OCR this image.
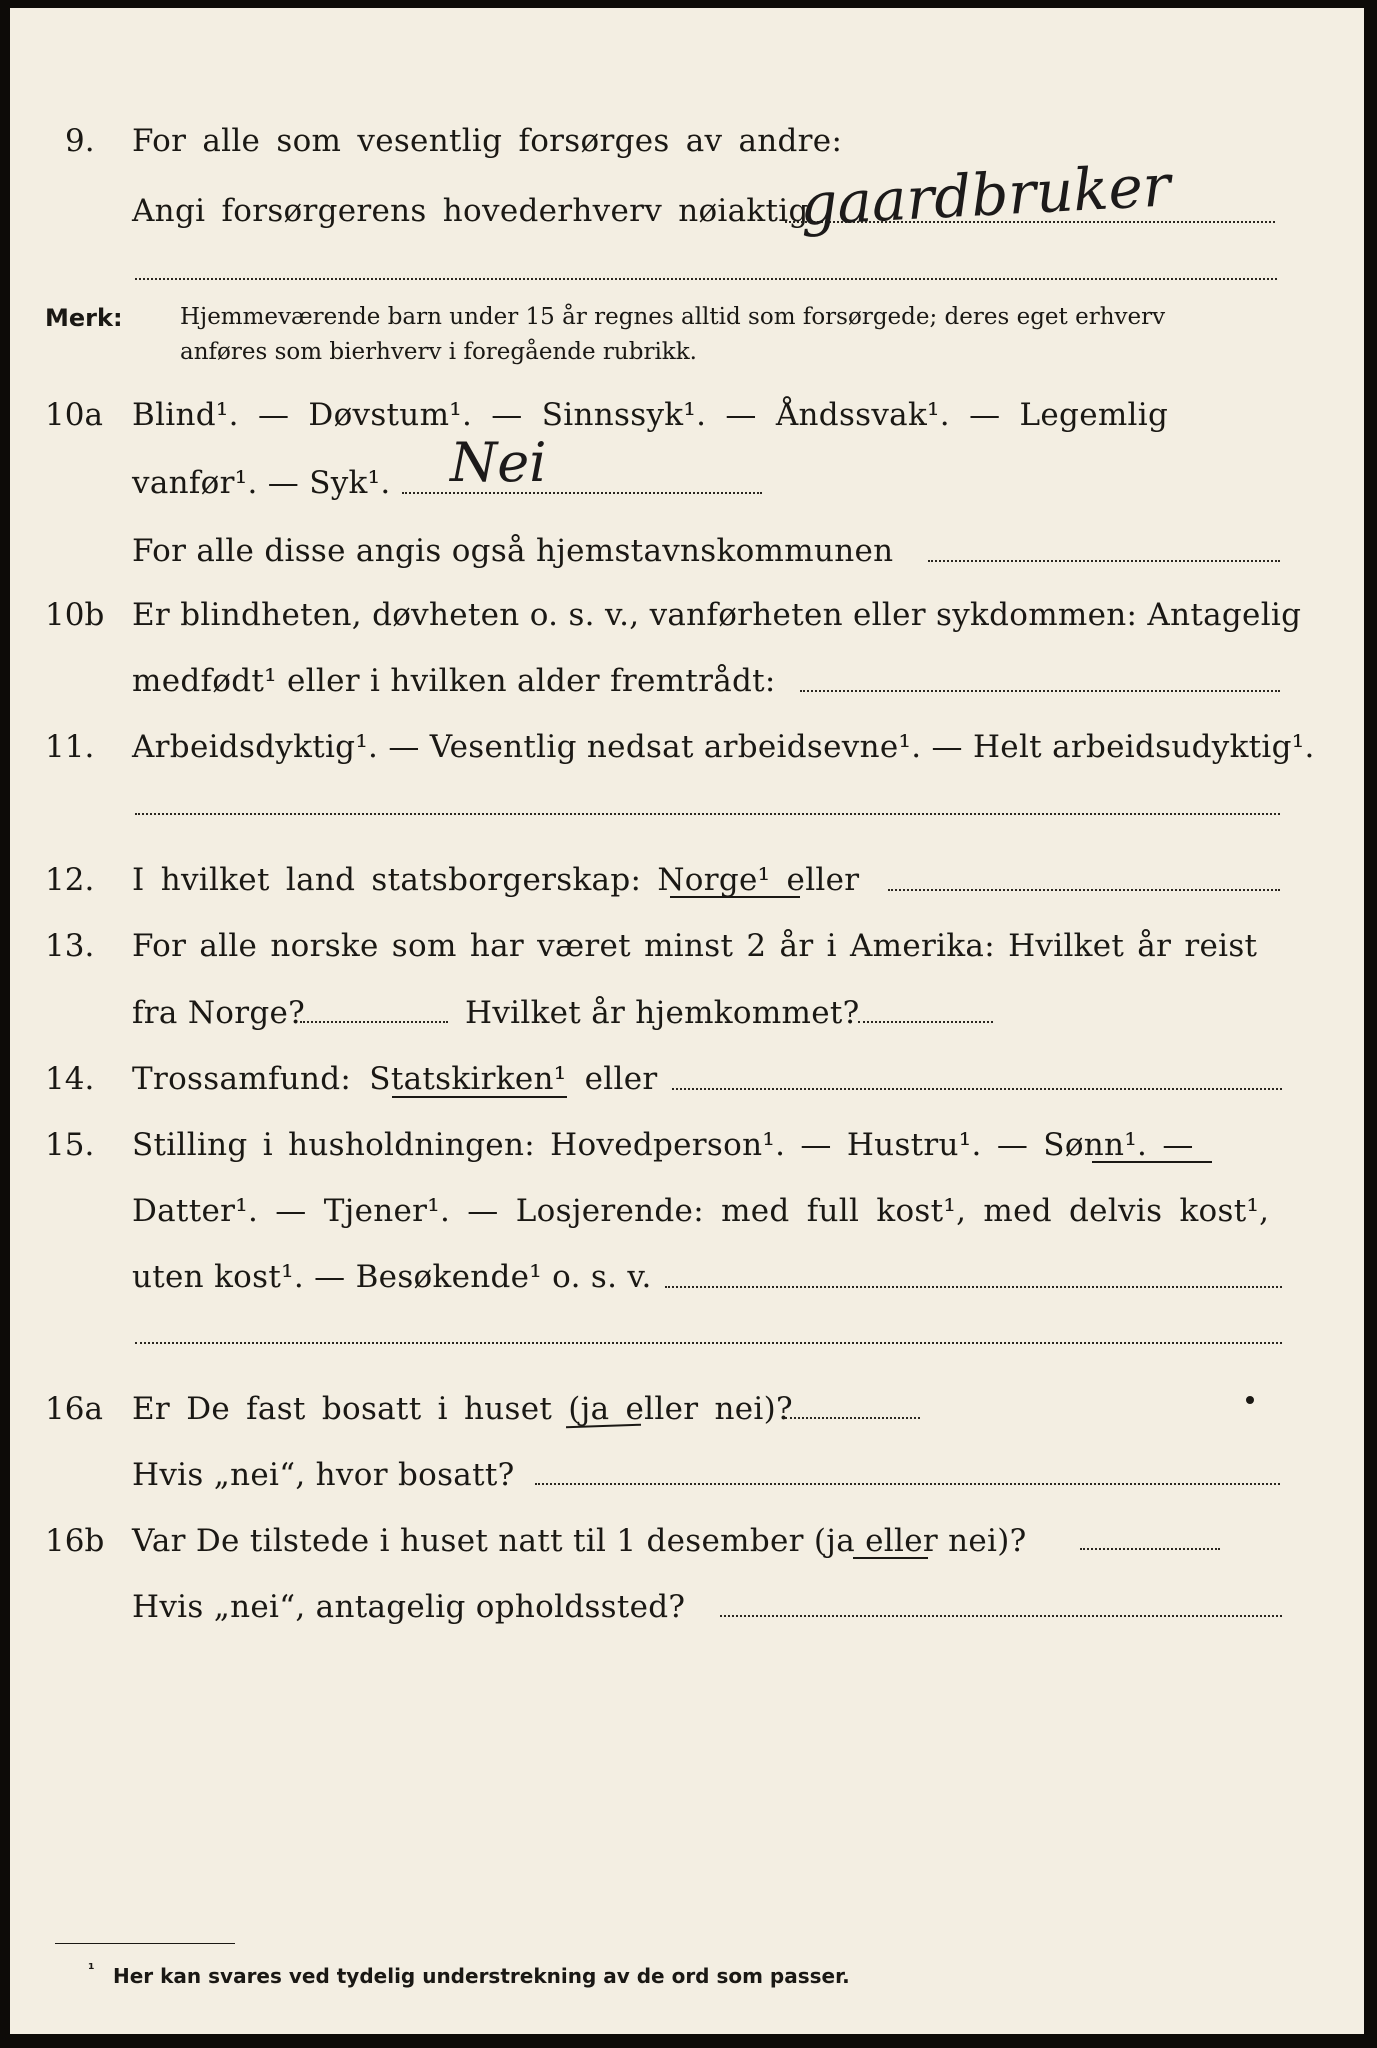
9. For alle som vesentlig forsørges av andre:
Angi forsørgerens hovederhverv nøiaktig
gaardbruker
Merk: Hjemmeværende barn under 15 år regnes alltid som forsørgede; deres eget erhverv
anføres som bierhverv i foregående rubrikk.
10a Blind¹. — Døvstum¹. — Sinnssyk¹. — Åndssvak¹. — Legemlig
vanfør¹. — Syk¹. Nei
For alle disse angis også hjemstavnskommunen
10b Er blindheten, døvheten o. s. v., vanførheten eller sykdommen: Antagelig
medfødt¹ eller i hvilken alder fremtrådt:
11. Arbeidsdyktig¹. — Vesentlig nedsat arbeidsevne¹. — Helt arbeidsudyktig¹.
12. I hvilket land statsborgerskap: Norge¹ eller
13. For alle norske som har været minst 2 år i Amerika: Hvilket år reist
fra Norge?	Hvilket år hjemkommet?
14. Trossamfund: Statskirken¹ eller
15. Stilling i husholdningen: Hovedperson¹. — Hustru¹. — Sønn¹. —
Datter¹. — Tjener¹. — Losjerende: med full kost¹, med delvis kost¹,
uten kost¹. — Besøkende¹ o. s. v.
16a Er De fast bosatt i huset (ja eller nei)?
Hvis „nei“, hvor bosatt?
16b Var De tilstede i huset natt til 1 desember (ja eller nei)?
Hvis „nei“, antagelig opholdssted?
¹ Her kan svares ved tydelig understrekning av de ord som passer.
